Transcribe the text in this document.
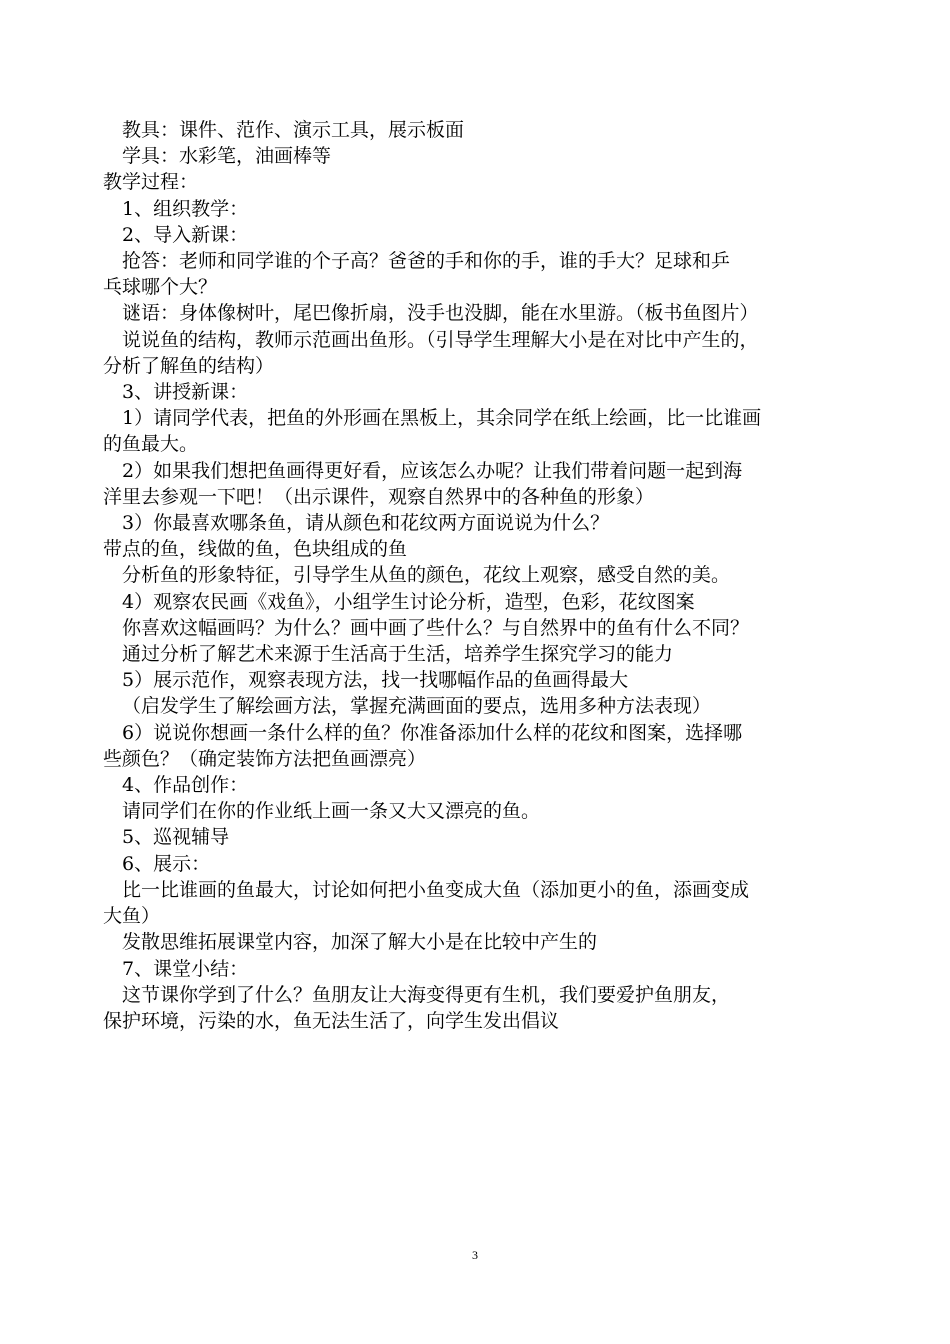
教具：课件、范作、演示工具，展示板面
学具：水彩笔，油画棒等
教学过程：
1、组织教学：
2、导入新课：
抢答：老师和同学谁的个子高？爸爸的手和你的手，谁的手大？足球和乒
乓球哪个大？
谜语：身体像树叶，尾巴像折扇，没手也没脚，能在水里游。（板书鱼图片）
说说鱼的结构，教师示范画出鱼形。（引导学生理解大小是在对比中产生的，
分析了解鱼的结构）
3、讲授新课：
1）请同学代表，把鱼的外形画在黑板上，其余同学在纸上绘画，比一比谁画
的鱼最大。
2）如果我们想把鱼画得更好看，应该怎么办呢？让我们带着问题一起到海
洋里去参观一下吧！（出示课件，观察自然界中的各种鱼的形象）
3）你最喜欢哪条鱼，请从颜色和花纹两方面说说为什么？
带点的鱼，线做的鱼，色块组成的鱼
分析鱼的形象特征，引导学生从鱼的颜色，花纹上观察，感受自然的美。
4）观察农民画《戏鱼》，小组学生讨论分析，造型，色彩，花纹图案
你喜欢这幅画吗？为什么？画中画了些什么？与自然界中的鱼有什么不同？
通过分析了解艺术来源于生活高于生活，培养学生探究学习的能力
5）展示范作，观察表现方法，找一找哪幅作品的鱼画得最大
（启发学生了解绘画方法，掌握充满画面的要点，选用多种方法表现）
6）说说你想画一条什么样的鱼？你准备添加什么样的花纹和图案，选择哪
些颜色？（确定装饰方法把鱼画漂亮）
4、作品创作：
请同学们在你的作业纸上画一条又大又漂亮的鱼。
5、巡视辅导
6、展示：
比一比谁画的鱼最大，讨论如何把小鱼变成大鱼（添加更小的鱼，添画变成
大鱼）
发散思维拓展课堂内容，加深了解大小是在比较中产生的
7、课堂小结：
这节课你学到了什么？鱼朋友让大海变得更有生机，我们要爱护鱼朋友，
保护环境，污染的水，鱼无法生活了，向学生发出倡议
3
